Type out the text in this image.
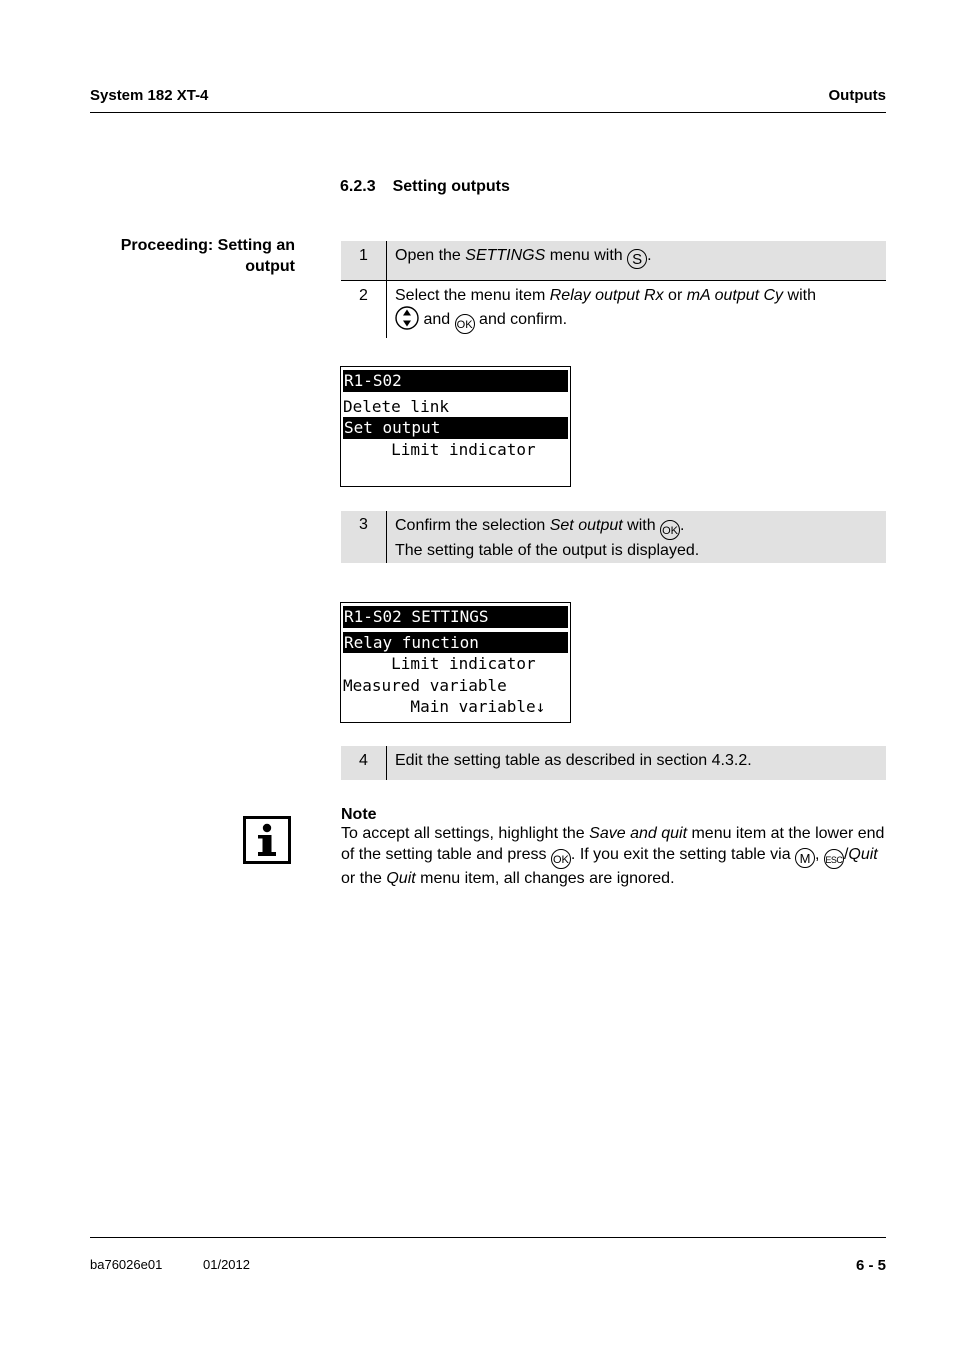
System 182 XT-4	Outputs
6.2.3 Setting outputs
Proceeding: Setting an
output
1	Open the SETTINGS menu with S .
2	Select the menu item Relay output Rx or mA output Cy with
and OK and confirm.
R1-S02
Delete link
Set output
Limit indicator
3	Confirm the selection Set output with OK .
The setting table of the output is displayed.
R1-S02 SETTINGS
Relay function
Limit indicator
Measured variable
Main variable↓
4	Edit the setting table as described in section 4.3.2.
Note
To accept all settings, highlight the Save and quit menu item at the lower end of the setting table and press OK . If you exit the setting table via M , ESC/Quit or the Quit menu item, all changes are ignored.
ba76026e01	01/2012	6 - 5
